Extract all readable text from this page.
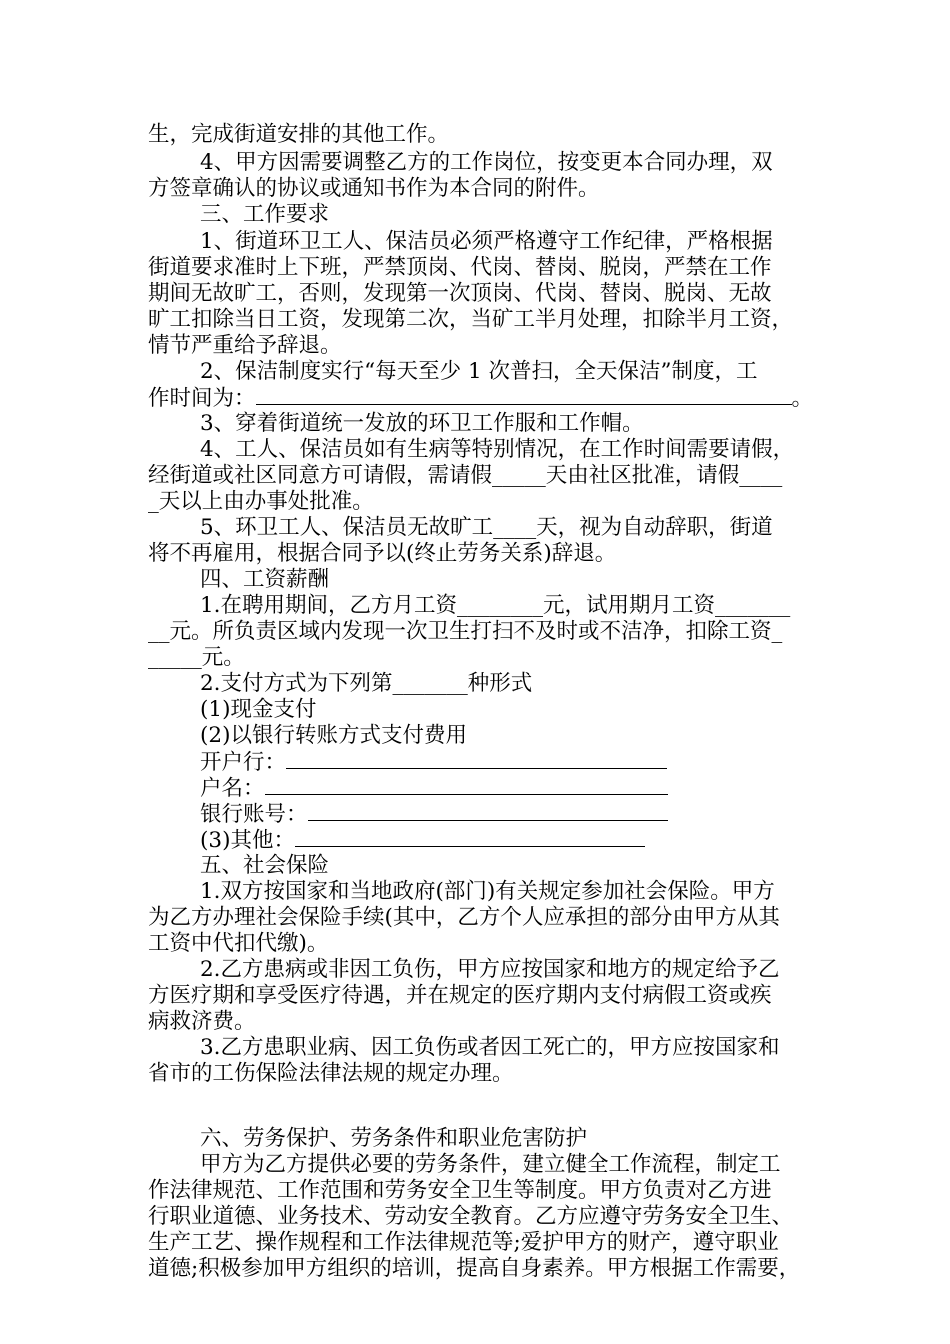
生，完成街道安排的其他工作。
4、甲方因需要调整乙方的工作岗位，按变更本合同办理，双
方签章确认的协议或通知书作为本合同的附件。
三、工作要求
1、街道环卫工人、保洁员必须严格遵守工作纪律，严格根据
街道要求准时上下班，严禁顶岗、代岗、替岗、脱岗，严禁在工作
期间无故旷工，否则，发现第一次顶岗、代岗、替岗、脱岗、无故
旷工扣除当日工资，发现第二次，当矿工半月处理，扣除半月工资，
情节严重给予辞退。
2、保洁制度实行“每天至少 1 次普扫，全天保洁”制度，工
作时间为：	。
3、穿着街道统一发放的环卫工作服和工作帽。
4、工人、保洁员如有生病等特别情况，在工作时间需要请假，
经街道或社区同意方可请假，需请假_____天由社区批准，请假____
_天以上由办事处批准。
5、环卫工人、保洁员无故旷工____天，视为自动辞职，街道
将不再雇用，根据合同予以(终止劳务关系)辞退。
四、工资薪酬
1.在聘用期间，乙方月工资________元，试用期月工资_______
__元。所负责区域内发现一次卫生打扫不及时或不洁净，扣除工资_
_____元。
2.支付方式为下列第_______种形式
(1)现金支付
(2)以银行转账方式支付费用
开户行：
户名：
银行账号：
(3)其他：
五、社会保险
1.双方按国家和当地政府(部门)有关规定参加社会保险。甲方
为乙方办理社会保险手续(其中，乙方个人应承担的部分由甲方从其
工资中代扣代缴)。
2.乙方患病或非因工负伤，甲方应按国家和地方的规定给予乙
方医疗期和享受医疗待遇，并在规定的医疗期内支付病假工资或疾
病救济费。
3.乙方患职业病、因工负伤或者因工死亡的，甲方应按国家和
省市的工伤保险法律法规的规定办理。
六、劳务保护、劳务条件和职业危害防护
甲方为乙方提供必要的劳务条件，建立健全工作流程，制定工
作法律规范、工作范围和劳务安全卫生等制度。甲方负责对乙方进
行职业道德、业务技术、劳动安全教育。乙方应遵守劳务安全卫生、
生产工艺、操作规程和工作法律规范等;爱护甲方的财产，遵守职业
道德;积极参加甲方组织的培训，提高自身素养。甲方根据工作需要，
